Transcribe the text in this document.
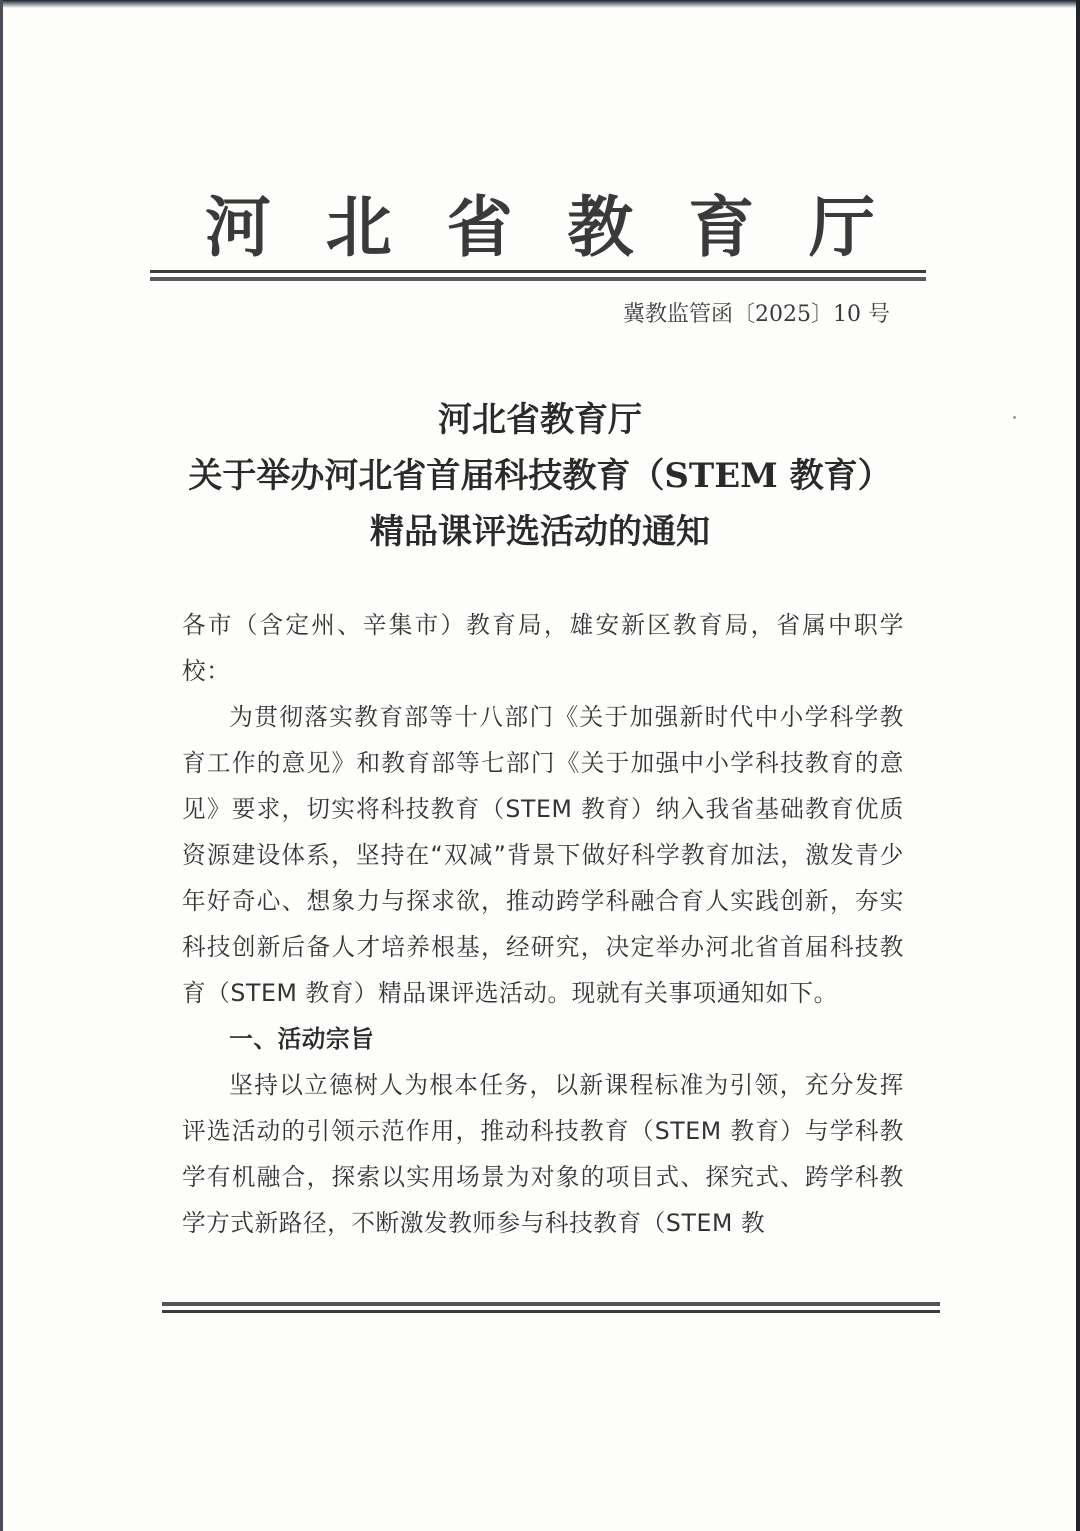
河 北 省 教 育 厅
冀教监管函〔2025〕10 号
河北省教育厅
关于举办河北省首届科技教育（STEM 教育）
精品课评选活动的通知

各市（含定州、辛集市）教育局，雄安新区教育局，省属中职学校：

为贯彻落实教育部等十八部门《关于加强新时代中小学科学教育工作的意见》和教育部等七部门《关于加强中小学科技教育的意见》要求，切实将科技教育（STEM 教育）纳入我省基础教育优质资源建设体系，坚持在“双减”背景下做好科学教育加法，激发青少年好奇心、想象力与探求欲，推动跨学科融合育人实践创新，夯实科技创新后备人才培养根基，经研究，决定举办河北省首届科技教育（STEM 教育）精品课评选活动。现就有关事项通知如下。

一、活动宗旨

坚持以立德树人为根本任务，以新课程标准为引领，充分发挥评选活动的引领示范作用，推动科技教育（STEM 教育）与学科教学有机融合，探索以实用场景为对象的项目式、探究式、跨学科教学方式新路径，不断激发教师参与科技教育（STEM 教
